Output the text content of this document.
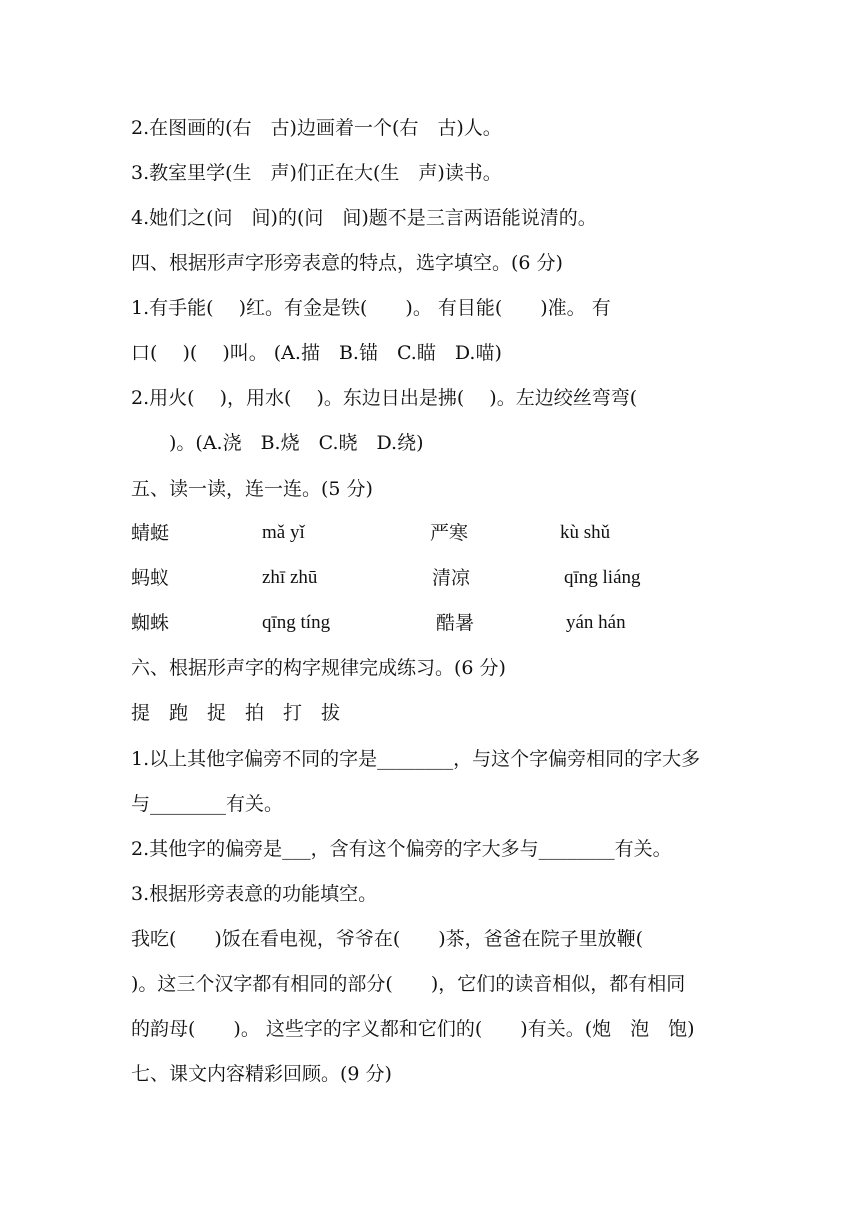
2.在图画的(右　古)边画着一个(右　古)人。
3.教室里学(生　声)们正在大(生　声)读书。
4.她们之(问　间)的(问　间)题不是三言两语能说清的。
四、根据形声字形旁表意的特点，选字填空。(6 分)
1.有手能(　 )红。有金是铁(　　)。 有目能(　　)准。 有
口(　 )(　 )叫。 (A.描　B.锚　C.瞄　D.喵)
2.用火(　 )，用水(　 )。东边日出是拂(　 )。左边绞丝弯弯(
　　)。(A.浇　B.烧　C.晓　D.绕)
五、读一读，连一连。(5 分)
蜻蜓	mǎ yǐ	严寒	kù shǔ
蚂蚁	zhī zhū	清凉	qīng liáng
蜘蛛	qīng tíng	酷暑	yán hán
六、根据形声字的构字规律完成练习。(6 分)
提　跑　捉　拍　打　拔
1.以上其他字偏旁不同的字是________，与这个字偏旁相同的字大多
与________有关。
2.其他字的偏旁是___，含有这个偏旁的字大多与________有关。
3.根据形旁表意的功能填空。
我吃(　　)饭在看电视，爷爷在(　　)茶，爸爸在院子里放鞭(
)。这三个汉字都有相同的部分(　　)，它们的读音相似，都有相同
的韵母(　　)。 这些字的字义都和它们的(　　)有关。(炮　泡　饱)
七、课文内容精彩回顾。(9 分)
